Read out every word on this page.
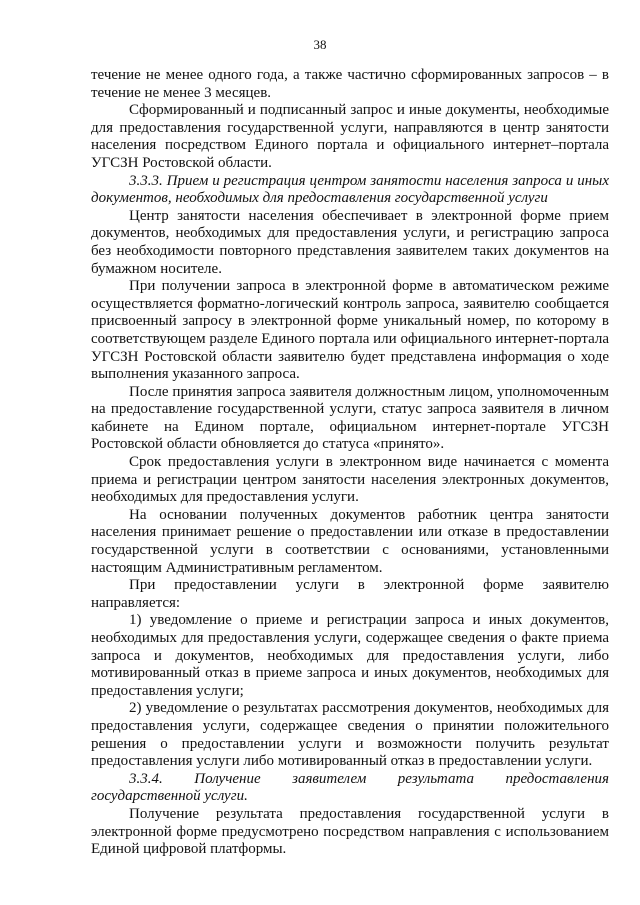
38

течение не менее одного года, а также частично сформированных запросов – в течение не менее 3 месяцев.

Сформированный и подписанный запрос и иные документы, необходимые для предоставления государственной услуги, направляются в центр занятости населения посредством Единого портала и официального интернет–портала УГСЗН Ростовской области.

3.3.3. Прием и регистрация центром занятости населения запроса и иных документов, необходимых для предоставления государственной услуги

Центр занятости населения обеспечивает в электронной форме прием документов, необходимых для предоставления услуги, и регистрацию запроса без необходимости повторного представления заявителем таких документов на бумажном носителе.

При получении запроса в электронной форме в автоматическом режиме осуществляется форматно-логический контроль запроса, заявителю сообщается присвоенный запросу в электронной форме уникальный номер, по которому в соответствующем разделе Единого портала или официального интернет-портала УГСЗН Ростовской области заявителю будет представлена информация о ходе выполнения указанного запроса.

После принятия запроса заявителя должностным лицом, уполномоченным на предоставление государственной услуги, статус запроса заявителя в личном кабинете на Едином портале, официальном интернет-портале УГСЗН Ростовской области обновляется до статуса «принято».

Срок предоставления услуги в электронном виде начинается с момента приема и регистрации центром занятости населения электронных документов, необходимых для предоставления услуги.

На основании полученных документов работник центра занятости населения принимает решение о предоставлении или отказе в предоставлении государственной услуги в соответствии с основаниями, установленными настоящим Административным регламентом.

При предоставлении услуги в электронной форме заявителю направляется:

1) уведомление о приеме и регистрации запроса и иных документов, необходимых для предоставления услуги, содержащее сведения о факте приема запроса и документов, необходимых для предоставления услуги, либо мотивированный отказ в приеме запроса и иных документов, необходимых для предоставления услуги;

2) уведомление о результатах рассмотрения документов, необходимых для предоставления услуги, содержащее сведения о принятии положительного решения о предоставлении услуги и возможности получить результат предоставления услуги либо мотивированный отказ в предоставлении услуги.

3.3.4. Получение заявителем результата предоставления государственной услуги.

Получение результата предоставления государственной услуги в электронной форме предусмотрено посредством направления с использованием Единой цифровой платформы.
